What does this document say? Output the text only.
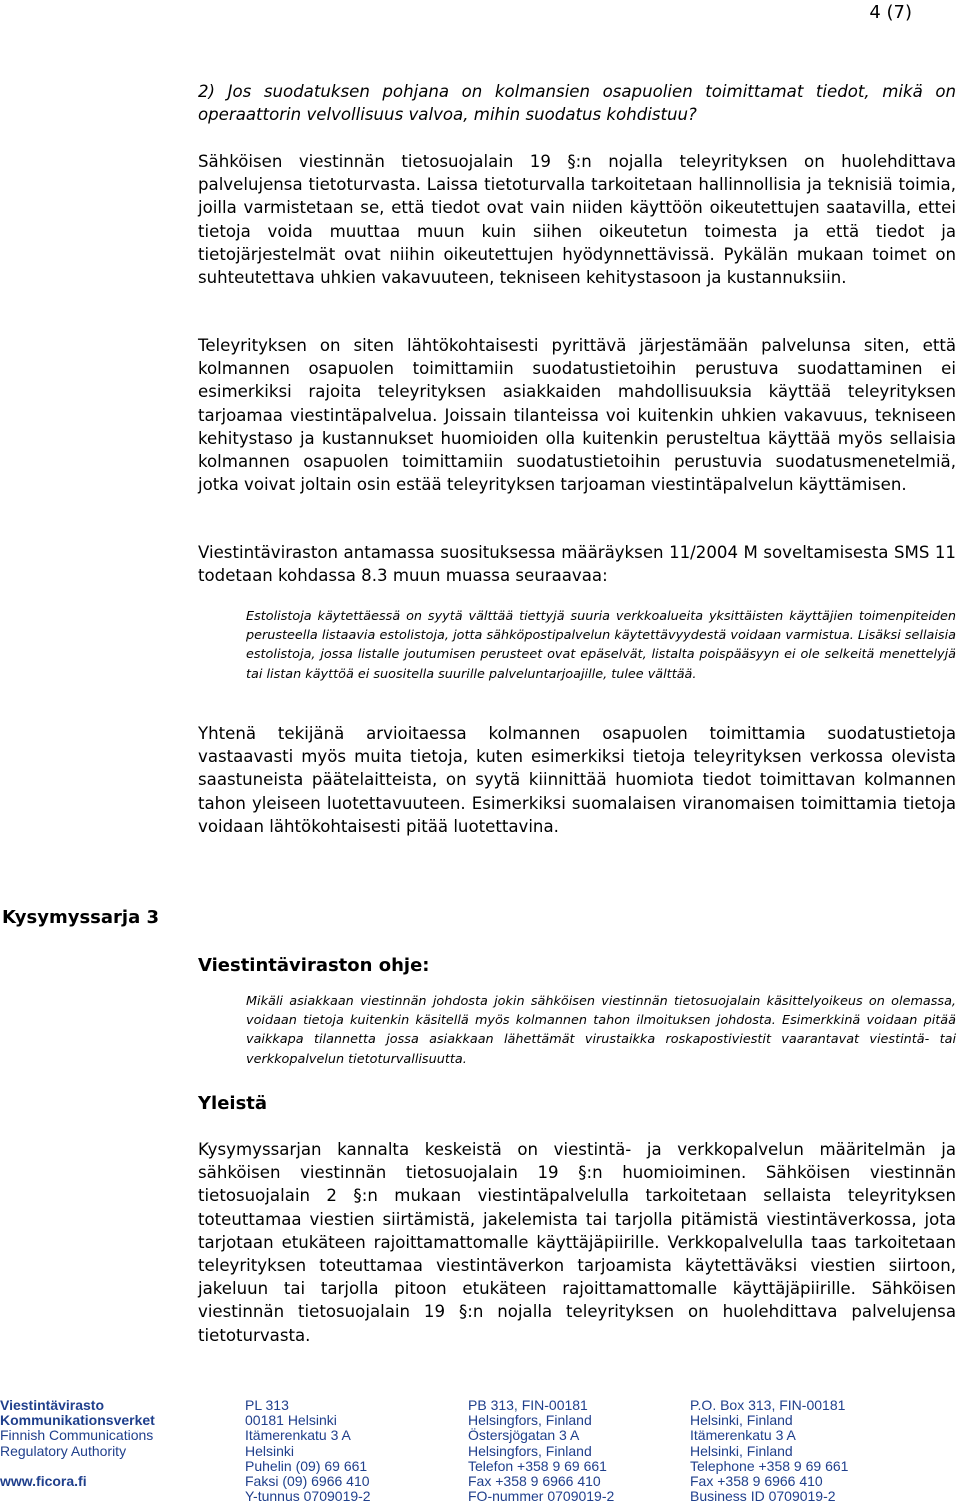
4 (7)

2) Jos suodatuksen pohjana on kolmansien osapuolien toimittamat tiedot, mikä on operaattorin velvollisuus valvoa, mihin suodatus kohdistuu?

Sähköisen viestinnän tietosuojalain 19 §:n nojalla teleyrityksen on huolehdittava palvelujensa tietoturvasta. Laissa tietoturvalla tarkoitetaan hallinnollisia ja teknisiä toimia, joilla varmistetaan se, että tiedot ovat vain niiden käyttöön oikeutettujen saatavilla, ettei tietoja voida muuttaa muun kuin siihen oikeutetun toimesta ja että tiedot ja tietojärjestelmät ovat niihin oikeutettujen hyödynnettävissä. Pykälän mukaan toimet on suhteutettava uhkien vakavuuteen, tekniseen kehitystasoon ja kustannuksiin.

Teleyrityksen on siten lähtökohtaisesti pyrittävä järjestämään palvelunsa siten, että kolmannen osapuolen toimittamiin suodatustietoihin perustuva suodattaminen ei esimerkiksi rajoita teleyrityksen asiakkaiden mahdollisuuksia käyttää teleyrityksen tarjoamaa viestintäpalvelua. Joissain tilanteissa voi kuitenkin uhkien vakavuus, tekniseen kehitystaso ja kustannukset huomioiden olla kuitenkin perusteltua käyttää myös sellaisia kolmannen osapuolen toimittamiin suodatustietoihin perustuvia suodatusmenetelmiä, jotka voivat joltain osin estää teleyrityksen tarjoaman viestintäpalvelun käyttämisen.

Viestintäviraston antamassa suosituksessa määräyksen 11/2004 M soveltamisesta SMS 11 todetaan kohdassa 8.3 muun muassa seuraavaa:

Estolistoja käytettäessä on syytä välttää tiettyjä suuria verkkoalueita yksittäisten käyttäjien toimenpiteiden perusteella listaavia estolistoja, jotta sähköpostipalvelun käytettävyydestä voidaan varmistua. Lisäksi sellaisia estolistoja, jossa listalle joutumisen perusteet ovat epäselvät, listalta poispääsyyn ei ole selkeitä menettelyjä tai listan käyttöä ei suositella suurille palveluntarjoajille, tulee välttää.

Yhtenä tekijänä arvioitaessa kolmannen osapuolen toimittamia suodatustietoja vastaavasti myös muita tietoja, kuten esimerkiksi tietoja teleyrityksen verkossa olevista saastuneista päätelaitteista, on syytä kiinnittää huomiota tiedot toimittavan kolmannen tahon yleiseen luotettavuuteen. Esimerkiksi suomalaisen viranomaisen toimittamia tietoja voidaan lähtökohtaisesti pitää luotettavina.

Kysymyssarja 3
Viestintäviraston ohje:

Mikäli asiakkaan viestinnän johdosta jokin sähköisen viestinnän tietosuojalain käsittelyoikeus on olemassa, voidaan tietoja kuitenkin käsitellä myös kolmannen tahon ilmoituksen johdosta. Esimerkkinä voidaan pitää vaikkapa tilannetta jossa asiakkaan lähettämät virustaikka roskapostiviestit vaarantavat viestintä- tai verkkopalvelun tietoturvallisuutta.

Yleistä

Kysymyssarjan kannalta keskeistä on viestintä- ja verkkopalvelun määritelmän ja sähköisen viestinnän tietosuojalain 19 §:n huomioiminen. Sähköisen viestinnän tietosuojalain 2 §:n mukaan viestintäpalvelulla tarkoitetaan sellaista teleyrityksen toteuttamaa viestien siirtämistä, jakelemista tai tarjolla pitämistä viestintäverkossa, jota tarjotaan etukäteen rajoittamattomalle käyttäjäpiirille. Verkkopalvelulla taas tarkoitetaan teleyrityksen toteuttamaa viestintäverkon tarjoamista käytettäväksi viestien siirtoon, jakeluun tai tarjolla pitoon etukäteen rajoittamattomalle käyttäjäpiirille. Sähköisen viestinnän tietosuojalain 19 §:n nojalla teleyrityksen on huolehdittava palvelujensa tietoturvasta.

Viestintävirasto
Kommunikationsverket
Finnish Communications
Regulatory Authority

www.ficora.fi
PL 313
00181 Helsinki
Itämerenkatu 3 A
Helsinki
Puhelin (09) 69 661
Faksi (09) 6966 410
Y-tunnus 0709019-2
PB 313, FIN-00181
Helsingfors, Finland
Östersjögatan 3 A
Helsingfors, Finland
Telefon +358 9 69 661
Fax +358 9 6966 410
FO-nummer 0709019-2
P.O. Box 313, FIN-00181
Helsinki, Finland
Itämerenkatu 3 A
Helsinki, Finland
Telephone +358 9 69 661
Fax +358 9 6966 410
Business ID 0709019-2
